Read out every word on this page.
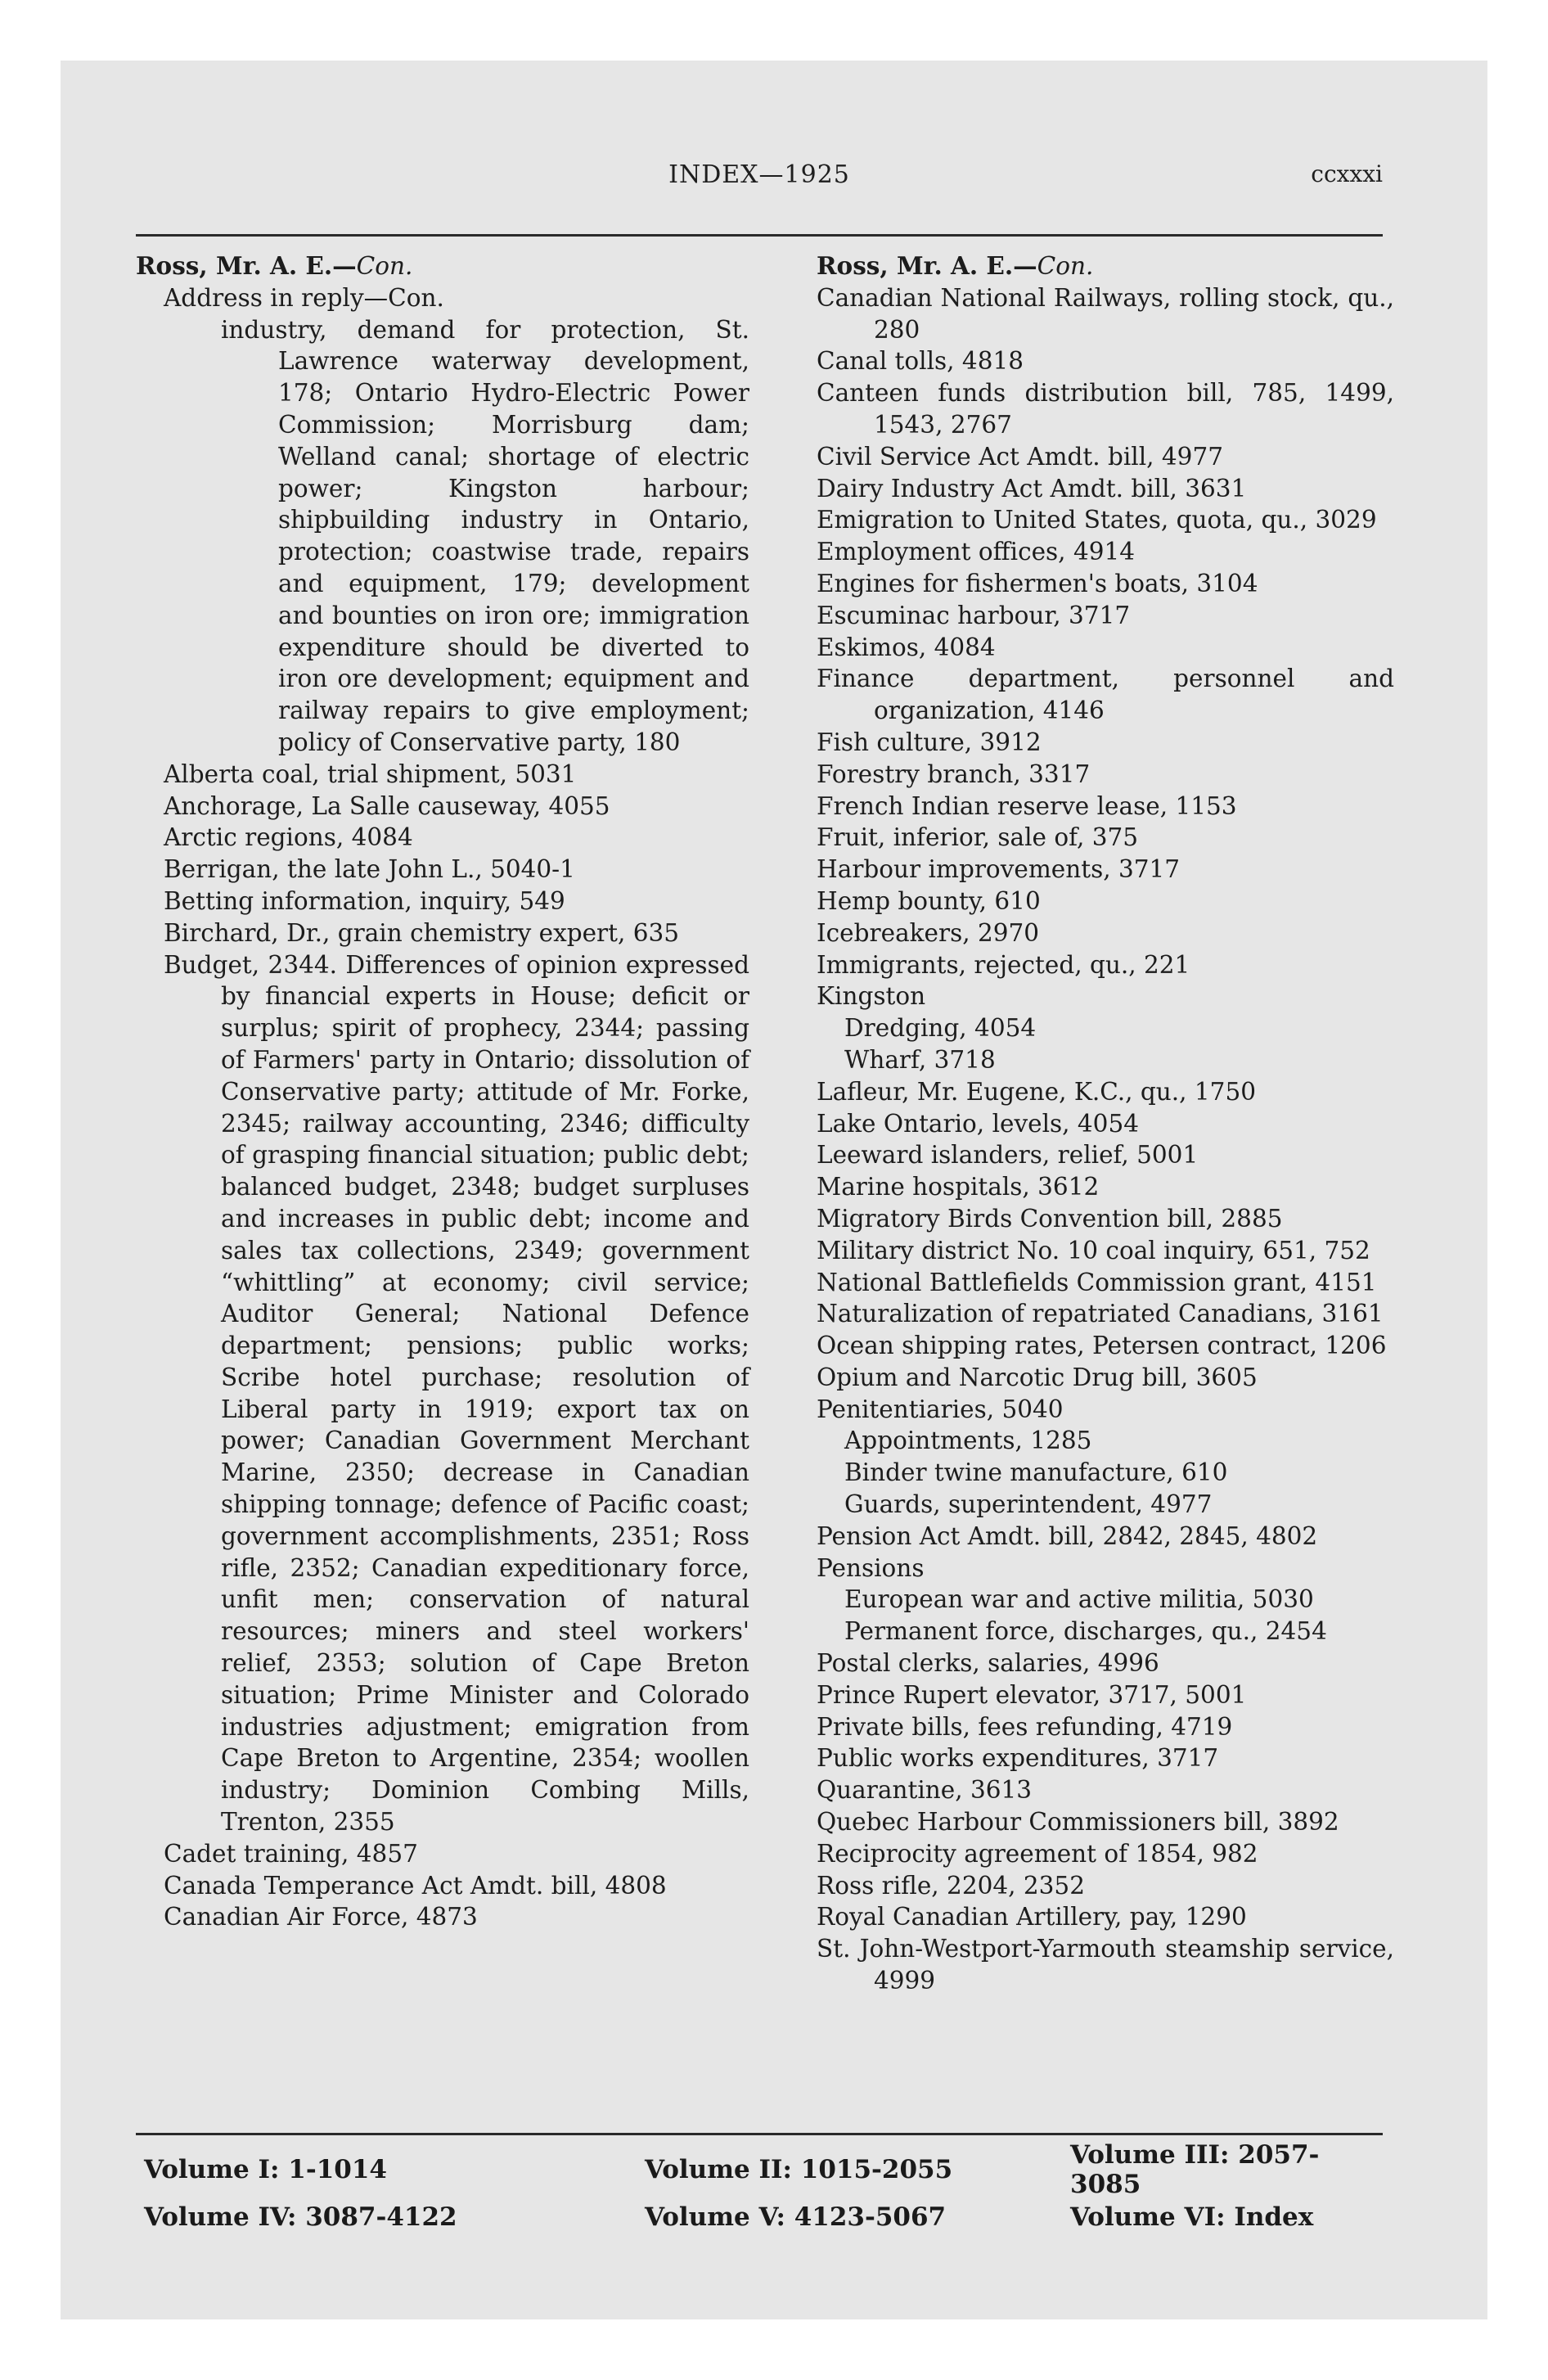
INDEX—1925	ccxxxi
Ross, Mr. A. E.—Con.
Address in reply—Con.
industry, demand for protection, St. Lawrence waterway development, 178; Ontario Hydro-Electric Power Commission; Morrisburg dam; Welland canal; shortage of electric power; Kingston harbour; shipbuilding industry in Ontario, protection; coastwise trade, repairs and equipment, 179; development and bounties on iron ore; immigration expenditure should be diverted to iron ore development; equipment and railway repairs to give employment; policy of Conservative party, 180
Alberta coal, trial shipment, 5031
Anchorage, La Salle causeway, 4055
Arctic regions, 4084
Berrigan, the late John L., 5040-1
Betting information, inquiry, 549
Birchard, Dr., grain chemistry expert, 635
Budget, 2344. Differences of opinion expressed by financial experts in House; deficit or surplus; spirit of prophecy, 2344; passing of Farmers' party in Ontario; dissolution of Conservative party; attitude of Mr. Forke, 2345; railway accounting, 2346; difficulty of grasping financial situation; public debt; balanced budget, 2348; budget surpluses and increases in public debt; income and sales tax collections, 2349; government “whittling” at economy; civil service; Auditor General; National Defence department; pensions; public works; Scribe hotel purchase; resolution of Liberal party in 1919; export tax on power; Canadian Government Merchant Marine, 2350; decrease in Canadian shipping tonnage; defence of Pacific coast; government accomplishments, 2351; Ross rifle, 2352; Canadian expeditionary force, unfit men; conservation of natural resources; miners and steel workers' relief, 2353; solution of Cape Breton situation; Prime Minister and Colorado industries adjustment; emigration from Cape Breton to Argentine, 2354; woollen industry; Dominion Combing Mills, Trenton, 2355
Cadet training, 4857
Canada Temperance Act Amdt. bill, 4808
Canadian Air Force, 4873
Ross, Mr. A. E.—Con.
Canadian National Railways, rolling stock, qu., 280
Canal tolls, 4818
Canteen funds distribution bill, 785, 1499, 1543, 2767
Civil Service Act Amdt. bill, 4977
Dairy Industry Act Amdt. bill, 3631
Emigration to United States, quota, qu., 3029
Employment offices, 4914
Engines for fishermen's boats, 3104
Escuminac harbour, 3717
Eskimos, 4084
Finance department, personnel and organization, 4146
Fish culture, 3912
Forestry branch, 3317
French Indian reserve lease, 1153
Fruit, inferior, sale of, 375
Harbour improvements, 3717
Hemp bounty, 610
Icebreakers, 2970
Immigrants, rejected, qu., 221
Kingston
Dredging, 4054
Wharf, 3718
Lafleur, Mr. Eugene, K.C., qu., 1750
Lake Ontario, levels, 4054
Leeward islanders, relief, 5001
Marine hospitals, 3612
Migratory Birds Convention bill, 2885
Military district No. 10 coal inquiry, 651, 752
National Battlefields Commission grant, 4151
Naturalization of repatriated Canadians, 3161
Ocean shipping rates, Petersen contract, 1206
Opium and Narcotic Drug bill, 3605
Penitentiaries, 5040
Appointments, 1285
Binder twine manufacture, 610
Guards, superintendent, 4977
Pension Act Amdt. bill, 2842, 2845, 4802
Pensions
European war and active militia, 5030
Permanent force, discharges, qu., 2454
Postal clerks, salaries, 4996
Prince Rupert elevator, 3717, 5001
Private bills, fees refunding, 4719
Public works expenditures, 3717
Quarantine, 3613
Quebec Harbour Commissioners bill, 3892
Reciprocity agreement of 1854, 982
Ross rifle, 2204, 2352
Royal Canadian Artillery, pay, 1290
St. John-Westport-Yarmouth steamship service, 4999
Volume I: 1-1014	Volume II: 1015-2055	Volume III: 2057-3085
Volume IV: 3087-4122	Volume V: 4123-5067	Volume VI: Index
